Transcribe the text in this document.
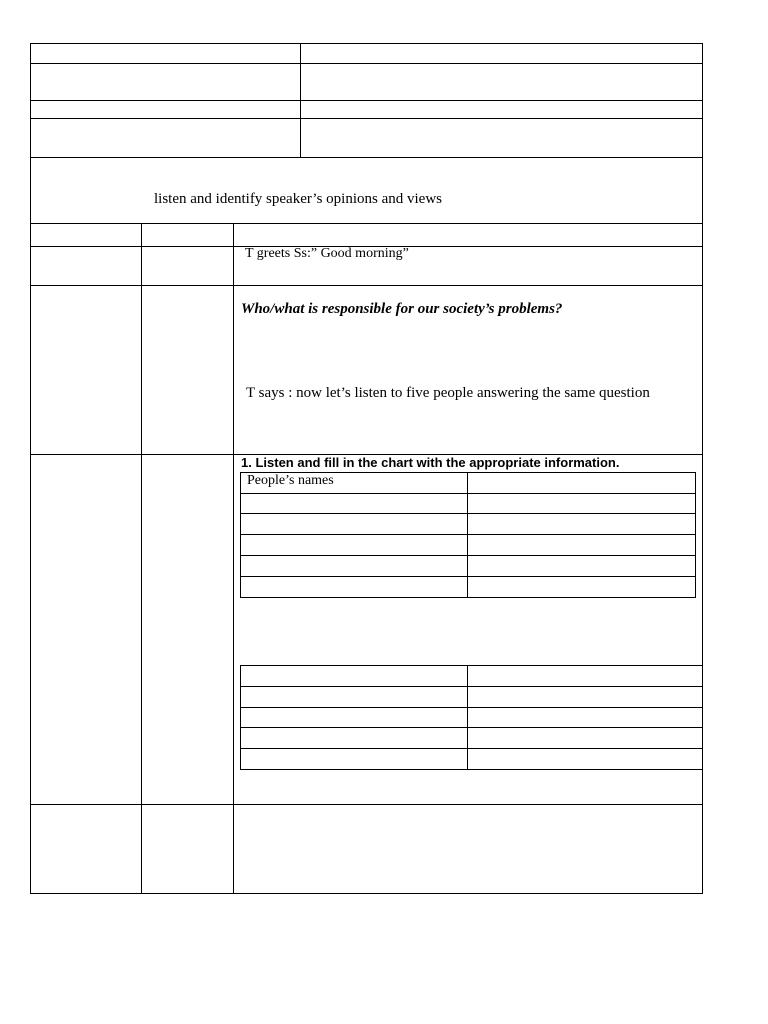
listen and identify speaker’s opinions and views
T greets Ss:” Good morning”
Who/what is responsible for our society’s problems?
T says : now let’s listen to five people answering the same question
1. Listen and fill in the chart with the appropriate information.
People’s names
